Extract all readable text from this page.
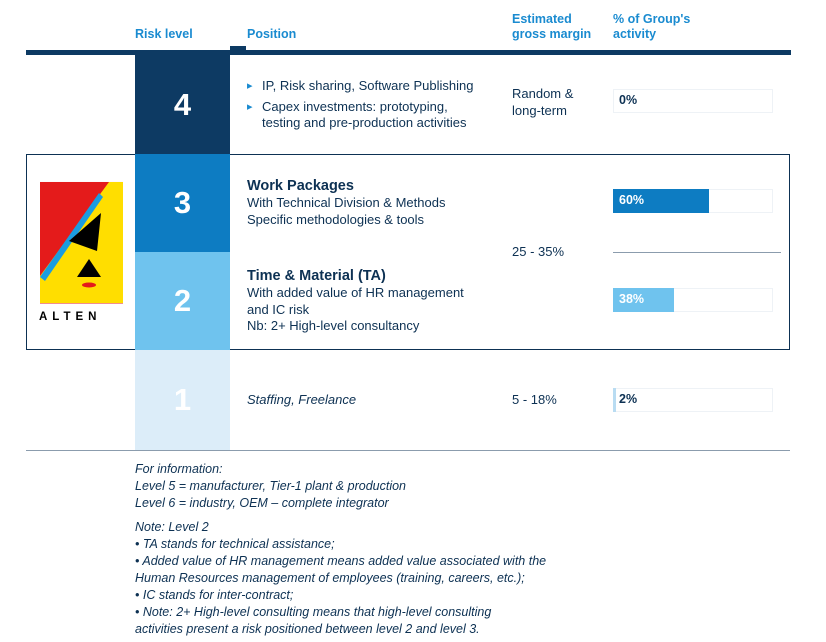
Risk level	Position
Estimated
gross margin
% of Group's
activity
4
3
2
1
ALTEN
▸ IP, Risk sharing, Software Publishing
▸ Capex investments: prototyping,
testing and pre-production activities
Random &
long-term
Work Packages
With Technical Division & Methods
Specific methodologies & tools
Time & Material (TA)
With added value of HR management
and IC risk
Nb: 2+ High-level consultancy
25 - 35%
Staffing, Freelance	5 - 18%
0%
60%
38%
2%
For information:
Level 5 = manufacturer, Tier-1 plant & production
Level 6 = industry, OEM – complete integrator
Note: Level 2
• TA stands for technical assistance;
• Added value of HR management means added value associated with the
Human Resources management of employees (training, careers, etc.);
• IC stands for inter-contract;
• Note: 2+ High-level consulting means that high-level consulting
activities present a risk positioned between level 2 and level 3.
